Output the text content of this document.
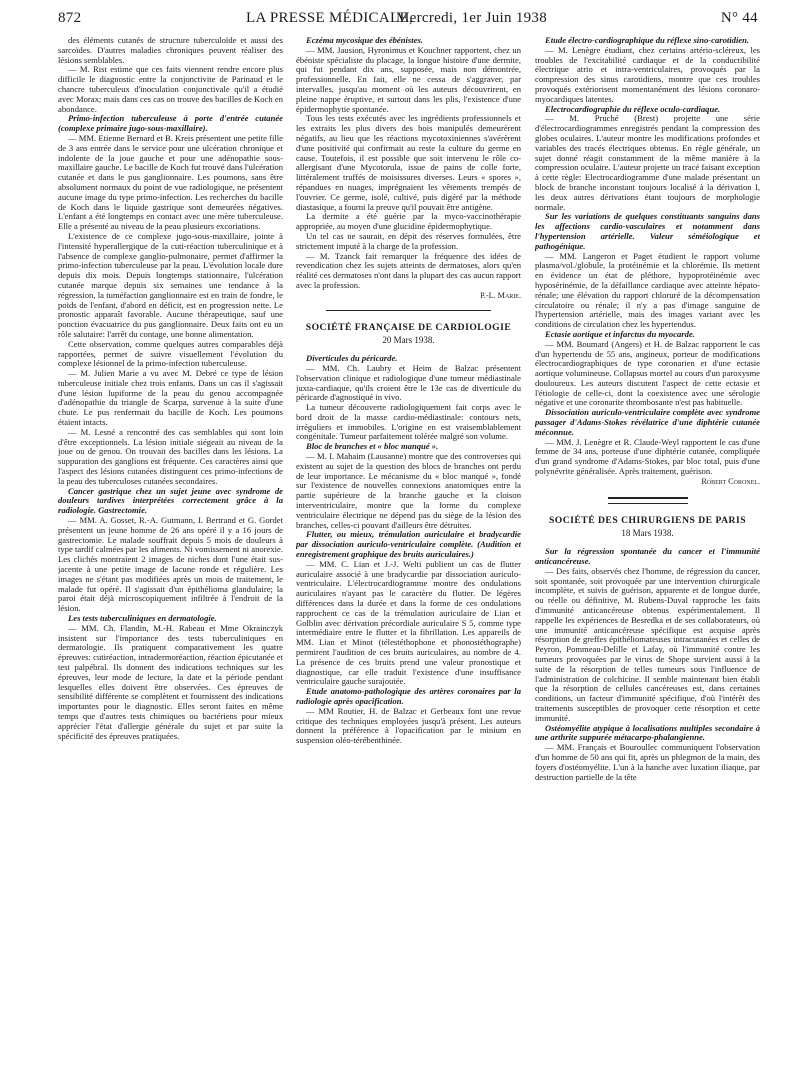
872	LA PRESSE MÉDICALE,
Mercredi, 1er Juin 1938	N° 44

des éléments cutanés de structure tuberculoïde et aussi des sarcoïdes. D'autres maladies chroniques peuvent réaliser des lésions semblables.

— M. Rist estime que ces faits viennent rendre encore plus difficile le diagnostic entre la conjonctivite de Parinaud et le chancre tuberculeux d'inoculation conjonctivale qu'il a étudié avec Morax; mais dans ces cas on trouve des bacilles de Koch en abondance.

Primo-infection tuberculeuse à porte d'entrée cutanée (complexe primaire jugo-sous-maxillaire).

— MM. Etienne Bernard et B. Kreis présentent une petite fille de 3 ans entrée dans le service pour une ulcération chronique et indolente de la joue gauche et pour une adénopathie sous-maxillaire gauche. Le bacille de Koch fut trouvé dans l'ulcération cutanée et dans le pus ganglionnaire. Les poumons, sans être absolument normaux du point de vue radiologique, ne présentent aucune image du type primo-infection. Les recherches du bacille de Koch dans le liquide gastrique sont demeurées négatives. L'enfant a été longtemps en contact avec une mère tuberculeuse. Elle a présenté au niveau de la peau plusieurs excoriations.

L'existence de ce complexe jugo-sous-maxillaire, jointe à l'intensité hyperallergique de la cuti-réaction tuberculinique et à l'absence de complexe ganglio-pulmonaire, permet d'affirmer la primo-infection tuberculeuse par la peau. L'évolution locale dure depuis dix mois. Depuis longtemps stationnaire, l'ulcération cutanée marque depuis six semaines une tendance à la régression, la tuméfaction ganglionnaire est en train de fondre, le poids de l'enfant, d'abord en déficit, est en progression nette. Le pronostic apparaît favorable. Aucune thérapeutique, sauf une ponction évacuatrice du pus ganglionnaire. Deux faits ont eu un rôle salutaire: l'arrêt du contage, une bonne alimentation.

Cette observation, comme quelques autres comparables déjà rapportées, permet de suivre visuellement l'évolution du complexe lésionnel de la primo-infection tuberculeuse.

— M. Julien Marie a vu avec M. Debré ce type de lésion tuberculeuse initiale chez trois enfants. Dans un cas il s'agissait d'une lésion lupiforme de la peau du genou accompagnée d'adénopathie du triangle de Scarpa, survenue à la suite d'une chute. Le pus renfermait du bacille de Koch. Les poumons étaient intacts.

— M. Lesné a rencontré des cas semblables qui sont loin d'être exceptionnels. La lésion initiale siégeait au niveau de la joue ou de genou. On trouvait des bacilles dans les lésions. La suppuration des ganglions est fréquente. Ces caractères ainsi que l'aspect des lésions cutanées distinguent ces primo-infections de la peau des tuberculoses cutanées secondaires.

Cancer gastrique chez un sujet jeune avec syndrome de douleurs tardives interprétées correctement grâce à la radiologie. Gastrectomie.

— MM. A. Gosset, R.-A. Gutmann, I. Bertrand et G. Gordet présentent un jeune homme de 26 ans opéré il y a 16 jours de gastrectomie. Le malade souffrait depuis 5 mois de douleurs à type tardif calmées par les aliments. Ni vomissement ni anorexie. Les clichés montraient 2 images de niches dont l'une était sus-jacente à une petite image de lacune ronde et régulière. Les images ne s'étant pas modifiées après un mois de traitement, le malade fut opéré. Il s'agissait d'un épithélioma glandulaire; la paroi était déjà microscopiquement infiltrée à l'endroit de la lésion.

Les tests tuberculiniques en dermatologie.

— MM. Ch. Flandin, M.-H. Rabeau et Mme Okrainczyk insistent sur l'importance des tests tuberculiniques en dermatologie. Ils pratiquent comparativement les quatre épreuves: cutiréaction, intradermoréaction, réaction épicutanée et test palpébral. Ils donnent des indications techniques sur les épreuves, leur mode de lecture, la date et la période pendant lesquelles elles doivent être observées. Ces épreuves de sensibilité différente se complètent et fournissent des indications importantes pour le diagnostic. Elles seront faites en même temps que d'autres tests chimiques ou bactériens pour mieux apprécier l'état d'allergie générale du sujet et par suite la spécificité des épreuves pratiquées.

Eczéma mycosique des ébénistes.

— MM. Jausion, Hyronimus et Kouchner rapportent, chez un ébéniste spécialiste du placage, la longue histoire d'une dermite, qui fut pendant dix ans, supposée, mais non démontrée, professionnelle. En fait, elle ne cessa de s'aggraver, par intervalles, jusqu'au moment où les auteurs découvrirent, en pleine nappe éruptive, et surtout dans les plis, l'existence d'une épidermophytie spontanée.

Tous les tests exécutés avec les ingrédients professionnels et les extraits les plus divers des bois manipulés demeurèrent négatifs, au lieu que les réactions mycotoxiniennes s'avérèrent d'une positivité qui confirmait au reste la culture du germe en cause. Toutefois, il est possible que soit intervenu le rôle co-allergisant d'une Mycotorula, issue de pains de colle forte, littéralement truffés de moisissures diverses. Leurs « spores », répandues en nuages, imprégnaient les vêtements trempés de l'ouvrier. Ce germe, isolé, cultivé, puis digéré par la méthode diastasique, a fourni la preuve qu'il pouvait être antigène.

La dermite a été guérie par la myco-vaccinothérapie appropriée, au moyen d'une glucidine épidermophytique.

Un tel cas ne saurait, en dépit des réserves formulées, être strictement imputé à la charge de la profession.

— M. Tzanck fait remarquer la fréquence des idées de revendication chez les sujets atteints de dermatoses, alors qu'en réalité ces dermatoses n'ont dans la plupart des cas aucun rapport avec la profession.

P.-L. Marie.

SOCIÉTÉ FRANÇAISE DE CARDIOLOGIE
20 Mars 1938.

Diverticules du péricarde.

— MM. Ch. Laubry et Heim de Balzac présentent l'observation clinique et radiologique d'une tumeur médiastinale juxta-cardiaque, qu'ils croient être le 13e cas de diverticule du péricarde d'agnostiqué in vivo.

La tumeur découverte radiologiquement fait corps avec le bord droit de la masse cardio-médiastinale: contours nets, irréguliers et immobiles. L'origine en est vraisemblablement congénitale. Tumeur parfaitement tolérée malgré son volume.

Bloc de branches et « bloc manqué ».

— M. I. Mahaim (Lausanne) montre que des controverses qui existent au sujet de la question des blocs de branches ont perdu de leur importance. Le mécanisme du « bloc manqué », fondé sur l'existence de nouvelles connexions anatomiques entre la partie supérieure de la branche gauche et la cloison interventriculaire, montre que la forme du complexe ventriculaire électrique ne dépend pas du siège de la lésion des branches, celles-ci pouvant d'ailleurs être détruites.

Flutter, ou mieux, trémulation auriculaire et bradycardie par dissociation auriculo-ventriculaire complète. (Audition et enregistrement graphique des bruits auriculaires.)

— MM. C. Lian et J.-J. Welti publient un cas de flutter auriculaire associé à une bradycardie par dissociation auriculo-ventriculaire. L'électrocardiogramme montre des ondulations auriculaires n'ayant pas le caractère du flutter. De légères différences dans la durée et dans la forme de ces ondulations rapprochent ce cas de la trémulation auriculaire de Lian et Golblin avec dérivation précordiale auriculaire S 5, comme type intermédiaire entre le flutter et la fibrillation. Les appareils de MM. Lian et Minot (télestéthophone et phonostéthographe) permirent l'audition de ces bruits auriculaires, au nombre de 4. La présence de ces bruits prend une valeur pronostique et diagnostique, car elle traduit l'existence d'une insuffisance ventriculaire gauche surajoutée.

Etude anatomo-pathologique des artères coronaires par la radiologie après opacification.

— MM Routier, H. de Balzac et Gerbeaux font une revue critique des techniques employées jusqu'à présent. Les auteurs donnent la préférence à l'opacification par le minium en suspension oléo-térébenthinée.

Etude électro-cardiographique du réflexe sino-carotidien.

— M. Lenègre étudiant, chez certains artério-scléreux, les troubles de l'excitabilité cardiaque et de la conductibilité électrique atrio et intra-ventriculaires, provoqués par la compression des sinus carotidiens, montre que ces troubles provoqués extériorisent momentanément des lésions coronaro-myocardiques latentes.

Electrocardiographie du réflexe oculo-cardiaque.

— M. Pruché (Brest) projette une série d'électrocardiogrammes enregistrés pendant la compression des globes oculaires. L'auteur montre les modifications profondes et variables des tracés électriques obtenus. En règle générale, un sujet donné réagit constamment de la même manière à la compression oculaire. L'auteur projette un tracé faisant exception à cette règle: Electrocardiogramme d'une malade présentant un block de branche inconstant toujours localisé à la dérivation I, les deux autres dérivations étant toujours de morphologie normale.

Sur les variations de quelques constituants sanguins dans les affections cardio-vasculaires et notamment dans l'hypertension artérielle. Valeur séméiologique et pathogénique.

— MM. Langeron et Paget étudient le rapport volume plasma/vol./globule, la protéinémie et la chlorémie. Ils mettent en évidence un état de pléthore, hypoprotéinémie avec hyposérinémie, de la défaillance cardiaque avec atteinte hépato-rénale; une élévation du rapport chloruré de la décompensation circulatoire ou rénale; il n'y a pas d'image sanguine de l'hypertension artérielle, mais des images variant avec les conditions de circulation chez les hypertendus.

Ectasie aortique et infarctus du myocarde.

— MM. Boumard (Angers) et H. de Balzac rapportent le cas d'un hypertendu de 55 ans, angineux, porteur de modifications électrocardiographiques de type coronarien et d'une ectasie aortique volumineuse. Collapsus mortel au cours d'un paroxysme douloureux. Les auteurs discutent l'aspect de cette ectasie et l'étiologie de celle-ci, dont la coexistence avec une sérologie négative et une coronarite thrombosante n'est pas habituelle.

Dissociation auriculo-ventriculaire complète avec syndrome passager d'Adams-Stokes révélatrice d'une diphtérie cutanée méconnue.

— MM. J. Lenègre et R. Claude-Weyl rapportent le cas d'une femme de 34 ans, porteuse d'une diphtérie cutanée, compliquée d'un grand syndrome d'Adams-Stokes, par bloc total, puis d'une polynévrite généralisée. Après traitement, guérison.

Robert Coronel.

SOCIÉTÉ DES CHIRURGIENS DE PARIS
18 Mars 1938.

Sur la régression spontanée du cancer et l'immunité anticancéreuse.

— Des faits, observés chez l'homme, de régression du cancer, soit spontanée, soit provoquée par une intervention chirurgicale incomplète, et suivis de guérison, apparente et de longue durée, ou réelle ou définitive, M. Rubens-Duval rapproche les faits d'immunité anticancéreuse obtenus expérimentalement. Il rappelle les expériences de Besredka et de ses collaborateurs, où une immunité anticancéreuse spécifique est acquise après résorption de greffes épithéliomateuses intracutanées et celles de Peyron, Pommeau-Delille et Lafay, où l'immunité contre les tumeurs provoquées par le virus de Shope survient aussi à la suite de la résorption de telles tumeurs sous l'influence de l'administration de colchicine. Il semble maintenant bien établi que la résorption de cellules cancéreuses est, dans certaines conditions, un facteur d'immunité spécifique, d'où l'intérêt des traitements susceptibles de provoquer cette résorption et cette immunité.

Ostéomyélite atypique à localisations multiples secondaire à une arthrite suppurée métacarpo-phalangienne.

— MM. Français et Bouroullec communiquent l'observation d'un homme de 50 ans qui fit, après un phlegmon de la main, des foyers d'ostéomyélite. L'un à la hanche avec luxation iliaque, par destruction partielle de la tête
